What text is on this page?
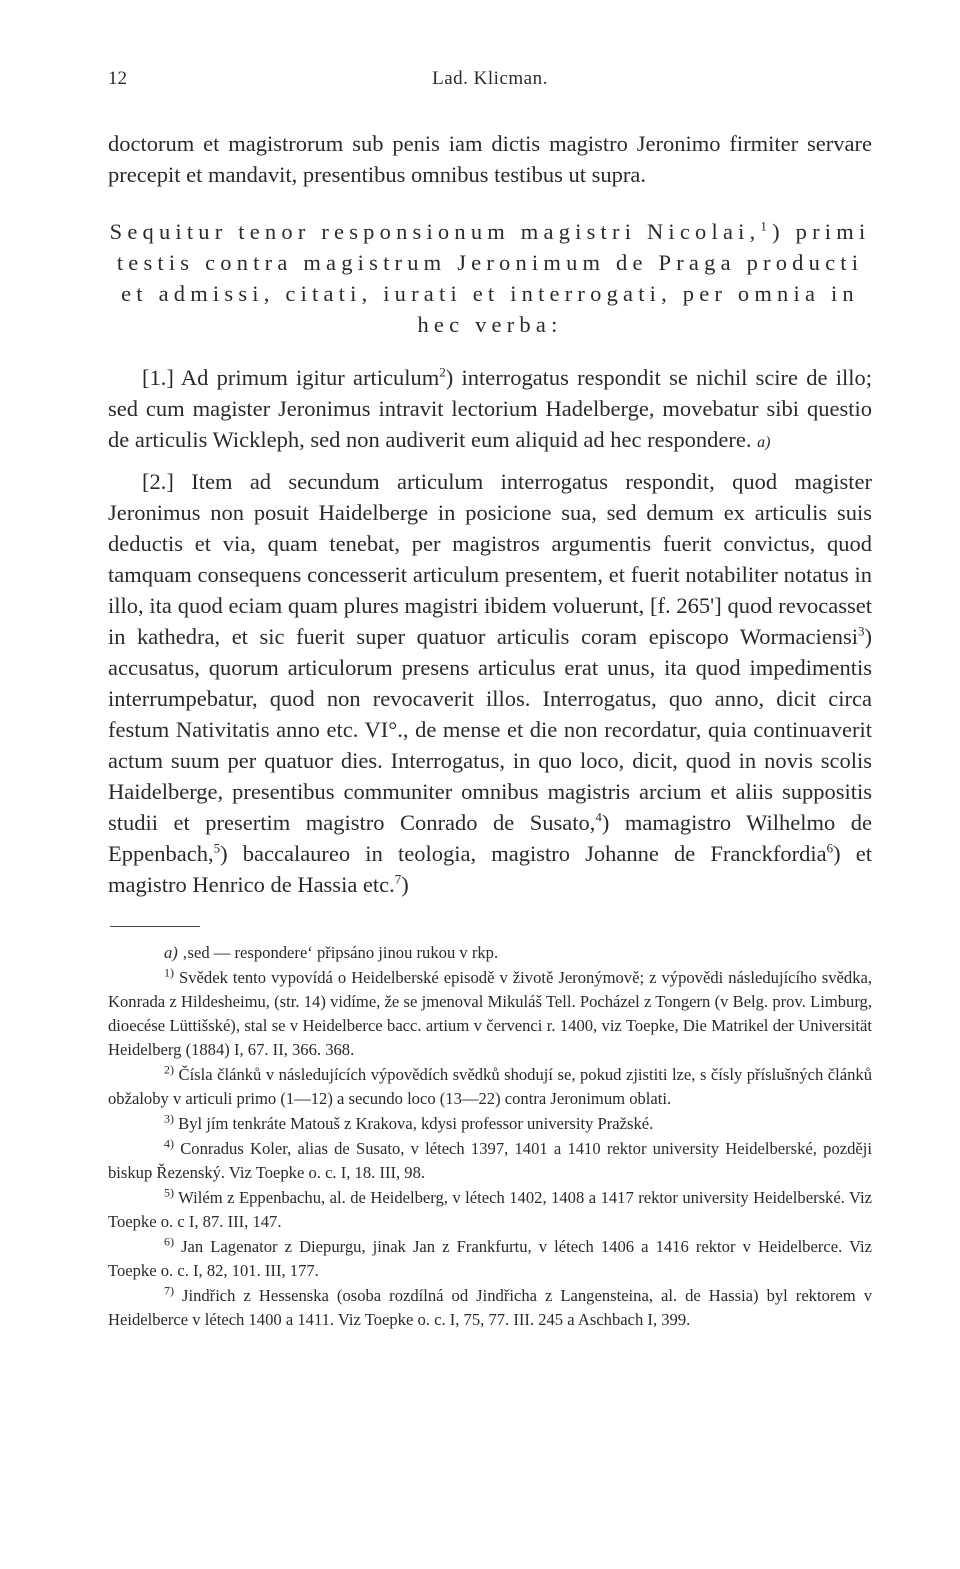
12	Lad. Klicman.

doctorum et magistrorum sub penis iam dictis magistro Jeronimo firmiter servare precepit et mandavit, presentibus omnibus testibus ut supra.

Sequitur tenor responsionum magistri Nicolai,$^1$) primi testis contra magistrum Jeronimum de Praga producti et admissi, citati, iurati et interrogati, per omnia in hec verba:

[1.] Ad primum igitur articulum$^2$) interrogatus respondit se nichil scire de illo; sed cum magister Jeronimus intravit lectorium Hadelberge, movebatur sibi questio de articulis Wickleph, sed non audiverit eum aliquid ad hec respondere. a)

[2.] Item ad secundum articulum interrogatus respondit, quod magister Jeronimus non posuit Haidelberge in posicione sua, sed demum ex articulis suis deductis et via, quam tenebat, per magistros argumentis fuerit convictus, quod tamquam consequens concesserit articulum presentem, et fuerit notabiliter notatus in illo, ita quod eciam quam plures magistri ibidem voluerunt, [f. 265'] quod revocasset in kathedra, et sic fuerit super quatuor articulis coram episcopo Wormaciensi$^3$) accusatus, quorum articulorum presens articulus erat unus, ita quod impedimentis interrumpebatur, quod non revocaverit illos. Interrogatus, quo anno, dicit circa festum Nativitatis anno etc. VI°., de mense et die non recordatur, quia continuaverit actum suum per quatuor dies. Interrogatus, in quo loco, dicit, quod in novis scolis Haidelberge, presentibus communiter omnibus magistris arcium et aliis suppositis studii et presertim magistro Conrado de Susato,$^4$) mamagistro Wilhelmo de Eppenbach,$^5$) baccalaureo in teologia, magistro Johanne de Franckfordia$^6$) et magistro Henrico de Hassia etc.$^7$)

a) ‚sed — respondere‘ připsáno jinou rukou v rkp.

$^{1)}$ Svědek tento vypovídá o Heidelberské episodě v životě Jeronýmově; z výpovědi následujícího svědka, Konrada z Hildesheimu, (str. 14) vidíme, že se jmenoval Mikuláš Tell. Pocházel z Tongern (v Belg. prov. Limburg, dioecése Lüttišské), stal se v Heidelberce bacc. artium v červenci r. 1400, viz Toepke, Die Matrikel der Universität Heidelberg (1884) I, 67. II, 366. 368.

$^{2)}$ Čísla článků v následujících výpovědích svědků shodují se, pokud zjistiti lze, s čísly příslušných článků obžaloby v articuli primo (1—12) a secundo loco (13—22) contra Jeronimum oblati.

$^{3)}$ Byl jím tenkráte Matouš z Krakova, kdysi professor university Pražské.

$^{4)}$ Conradus Koler, alias de Susato, v létech 1397, 1401 a 1410 rektor university Heidelberské, později biskup Řezenský. Viz Toepke o. c. I, 18. III, 98.

$^{5)}$ Wilém z Eppenbachu, al. de Heidelberg, v létech 1402, 1408 a 1417 rektor university Heidelberské. Viz Toepke o. c I, 87. III, 147.

$^{6)}$ Jan Lagenator z Diepurgu, jinak Jan z Frankfurtu, v létech 1406 a 1416 rektor v Heidelberce. Viz Toepke o. c. I, 82, 101. III, 177.

$^{7)}$ Jindřich z Hessenska (osoba rozdílná od Jindřicha z Langensteina, al. de Hassia) byl rektorem v Heidelberce v létech 1400 a 1411. Viz Toepke o. c. I, 75, 77. III. 245 a Aschbach I, 399.
